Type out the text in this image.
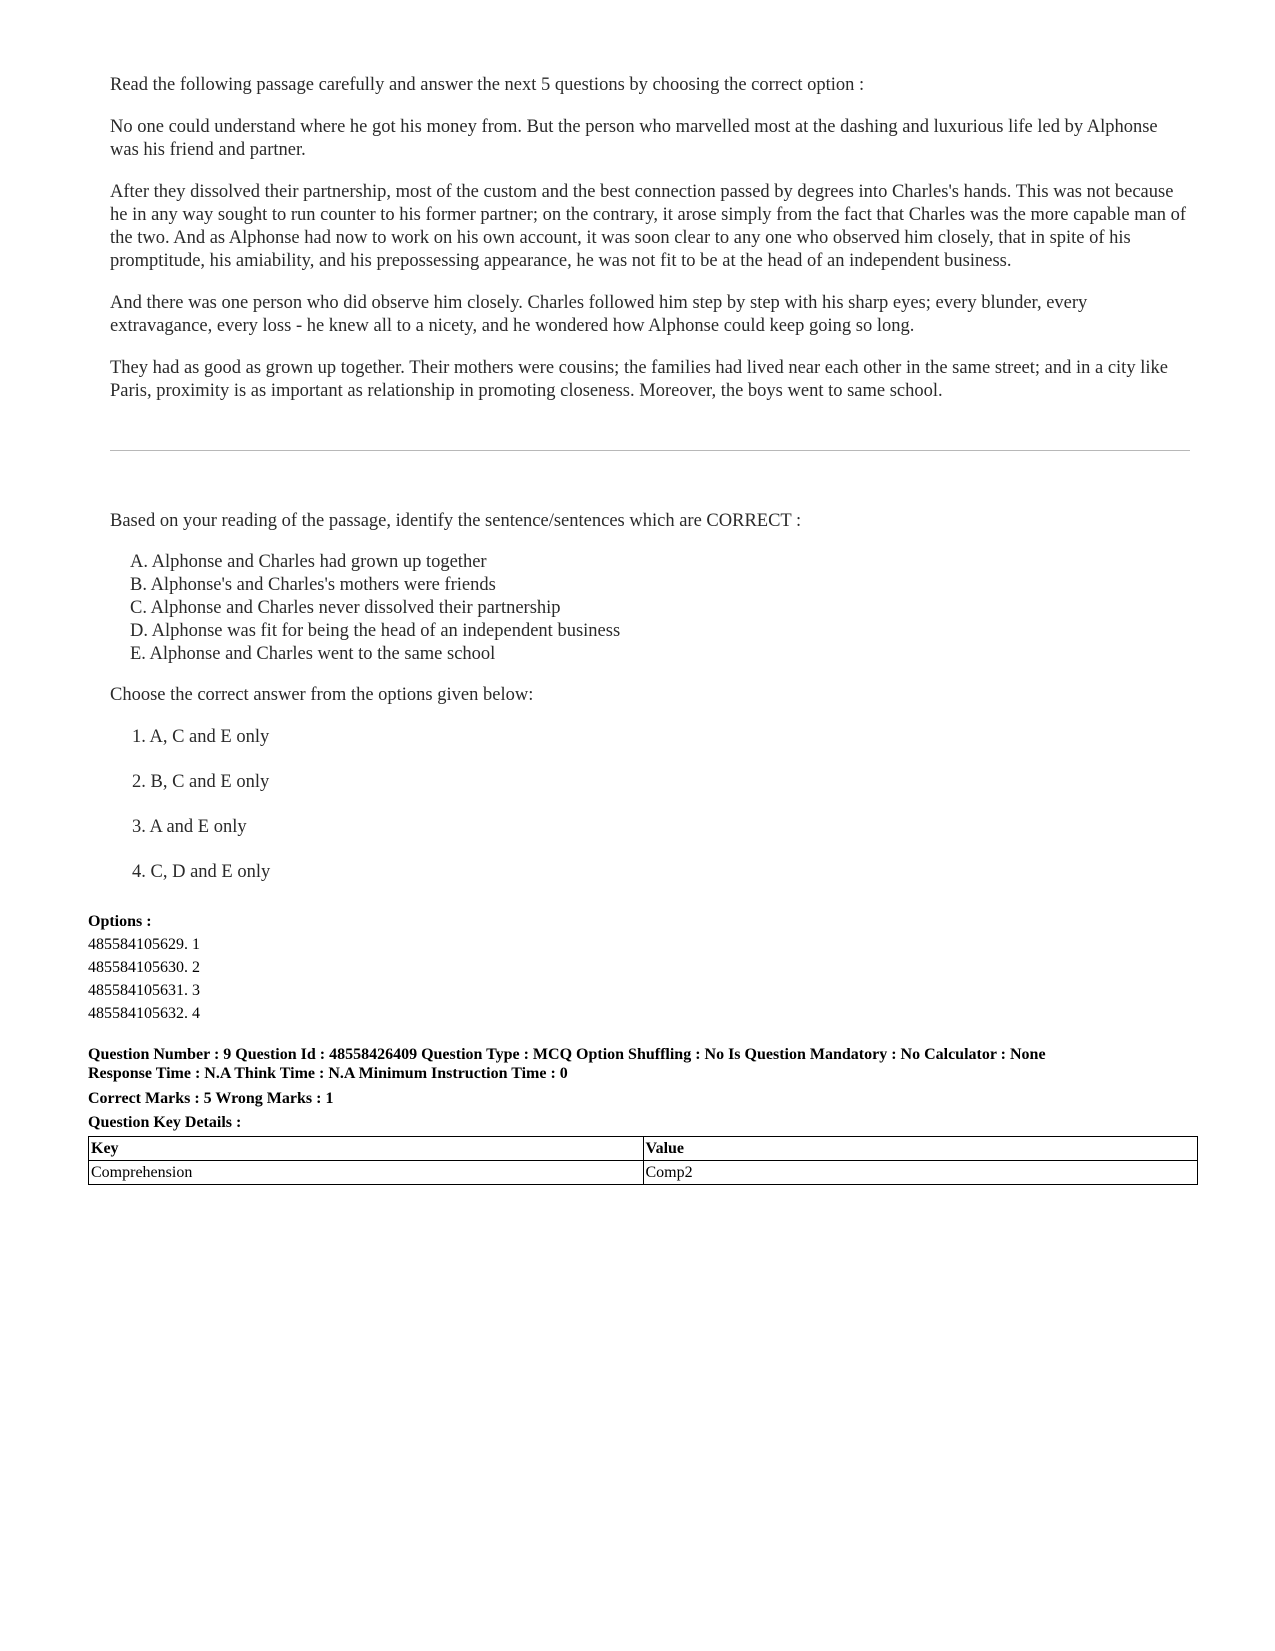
Read the following passage carefully and answer the next 5 questions by choosing the correct option :

No one could understand where he got his money from. But the person who marvelled most at the dashing and luxurious life led by Alphonse was his friend and partner.

After they dissolved their partnership, most of the custom and the best connection passed by degrees into Charles's hands. This was not because he in any way sought to run counter to his former partner; on the contrary, it arose simply from the fact that Charles was the more capable man of the two. And as Alphonse had now to work on his own account, it was soon clear to any one who observed him closely, that in spite of his promptitude, his amiability, and his prepossessing appearance, he was not fit to be at the head of an independent business.

And there was one person who did observe him closely. Charles followed him step by step with his sharp eyes; every blunder, every extravagance, every loss - he knew all to a nicety, and he wondered how Alphonse could keep going so long.

They had as good as grown up together. Their mothers were cousins; the families had lived near each other in the same street; and in a city like Paris, proximity is as important as relationship in promoting closeness. Moreover, the boys went to same school.

Based on your reading of the passage, identify the sentence/sentences which are CORRECT :

A. Alphonse and Charles had grown up together
B. Alphonse's and Charles's mothers were friends
C. Alphonse and Charles never dissolved their partnership
D. Alphonse was fit for being the head of an independent business
E. Alphonse and Charles went to the same school

Choose the correct answer from the options given below:

1. A, C and E only
2. B, C and E only
3. A and E only
4. C, D and E only

Options :

485584105629. 1

485584105630. 2

485584105631. 3

485584105632. 4

Question Number : 9 Question Id : 48558426409 Question Type : MCQ Option Shuffling : No Is Question Mandatory : No Calculator : None
Response Time : N.A Think Time : N.A Minimum Instruction Time : 0
Correct Marks : 5 Wrong Marks : 1
Question Key Details :
Key	Value
Comprehension	Comp2
